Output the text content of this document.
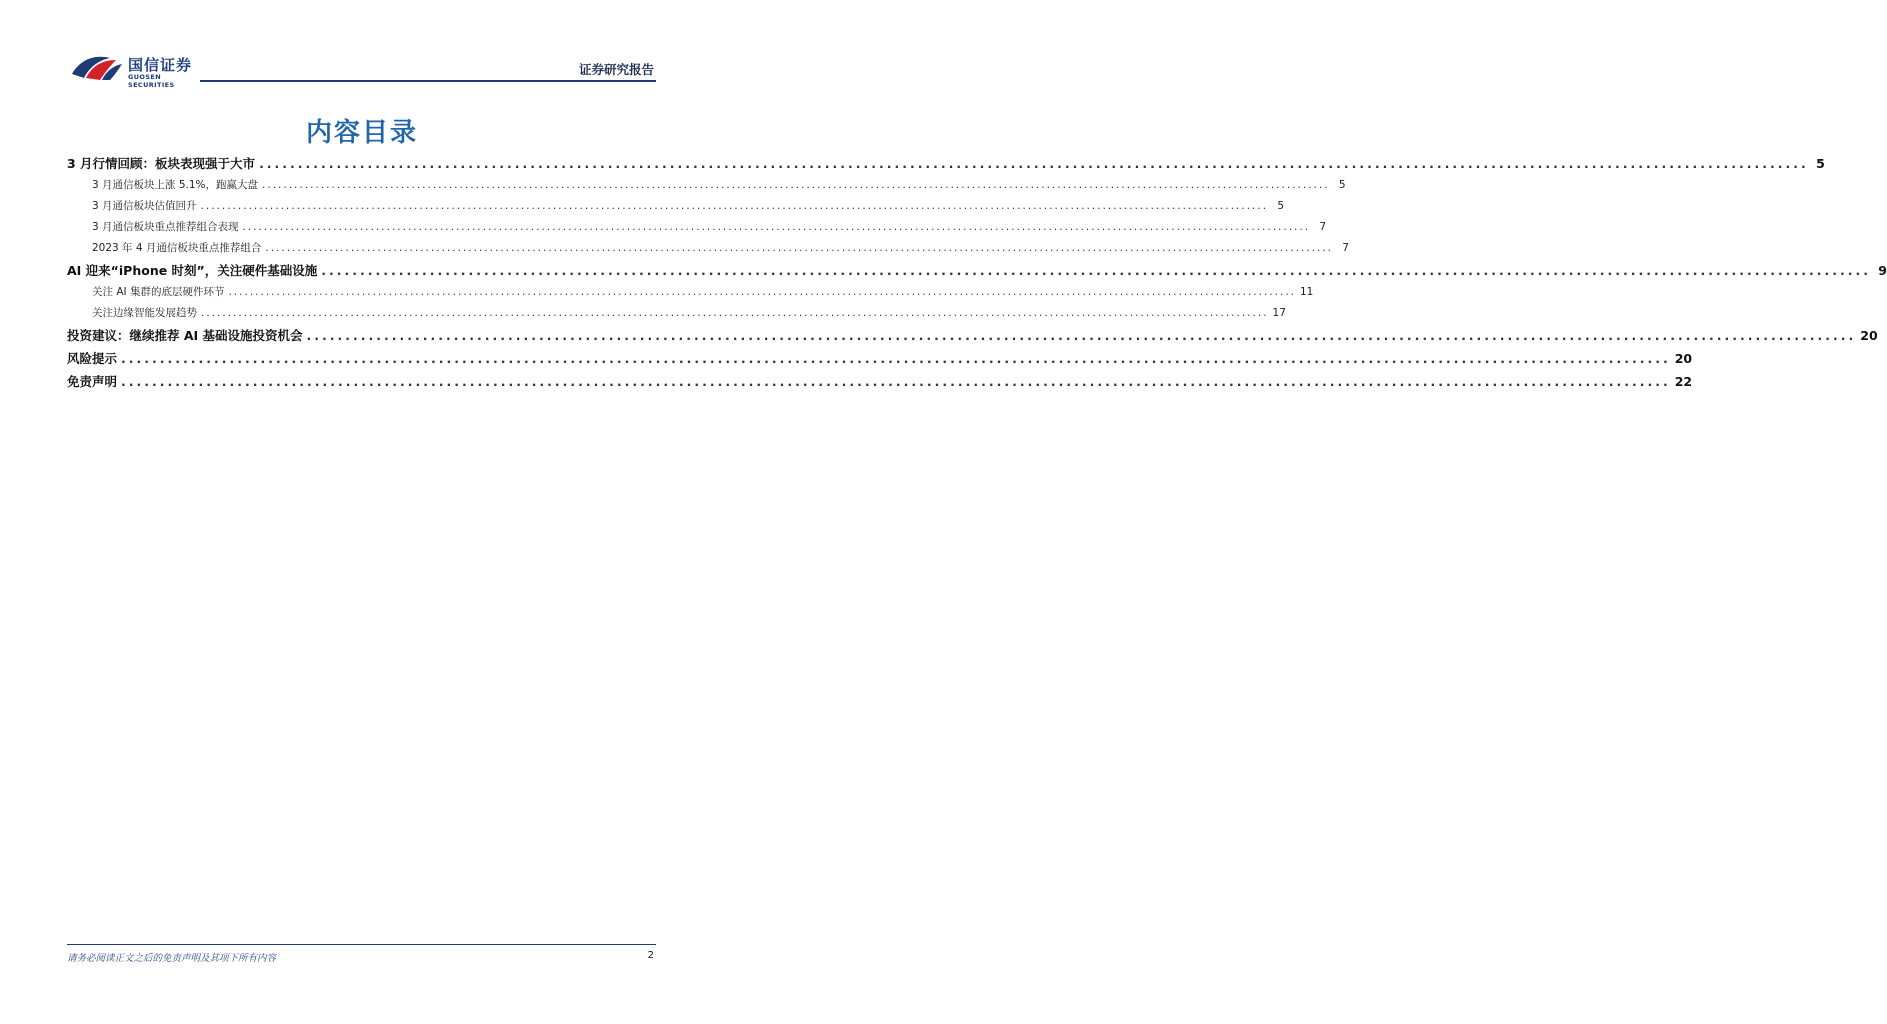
国信证券
GUOSEN SECURITIES
证券研究报告
内容目录
3 月行情回顾：板块表现强于大市 ........................................................................................................................................................................................................ 5
3 月通信板块上涨 5.1%，跑赢大盘 ........................................................................................................................................................................................................ 5
3 月通信板块估值回升 ........................................................................................................................................................................................................ 5
3 月通信板块重点推荐组合表现 ........................................................................................................................................................................................................ 7
2023 年 4 月通信板块重点推荐组合 ........................................................................................................................................................................................................ 7
AI 迎来“iPhone 时刻”，关注硬件基础设施 ........................................................................................................................................................................................................ 9
关注 AI 集群的底层硬件环节 ........................................................................................................................................................................................................ 11
关注边缘智能发展趋势 ........................................................................................................................................................................................................ 17
投资建议：继续推荐 AI 基础设施投资机会 ........................................................................................................................................................................................................ 20
风险提示 ........................................................................................................................................................................................................ 20
免责声明 ........................................................................................................................................................................................................ 22
请务必阅读正文之后的免责声明及其项下所有内容	2
